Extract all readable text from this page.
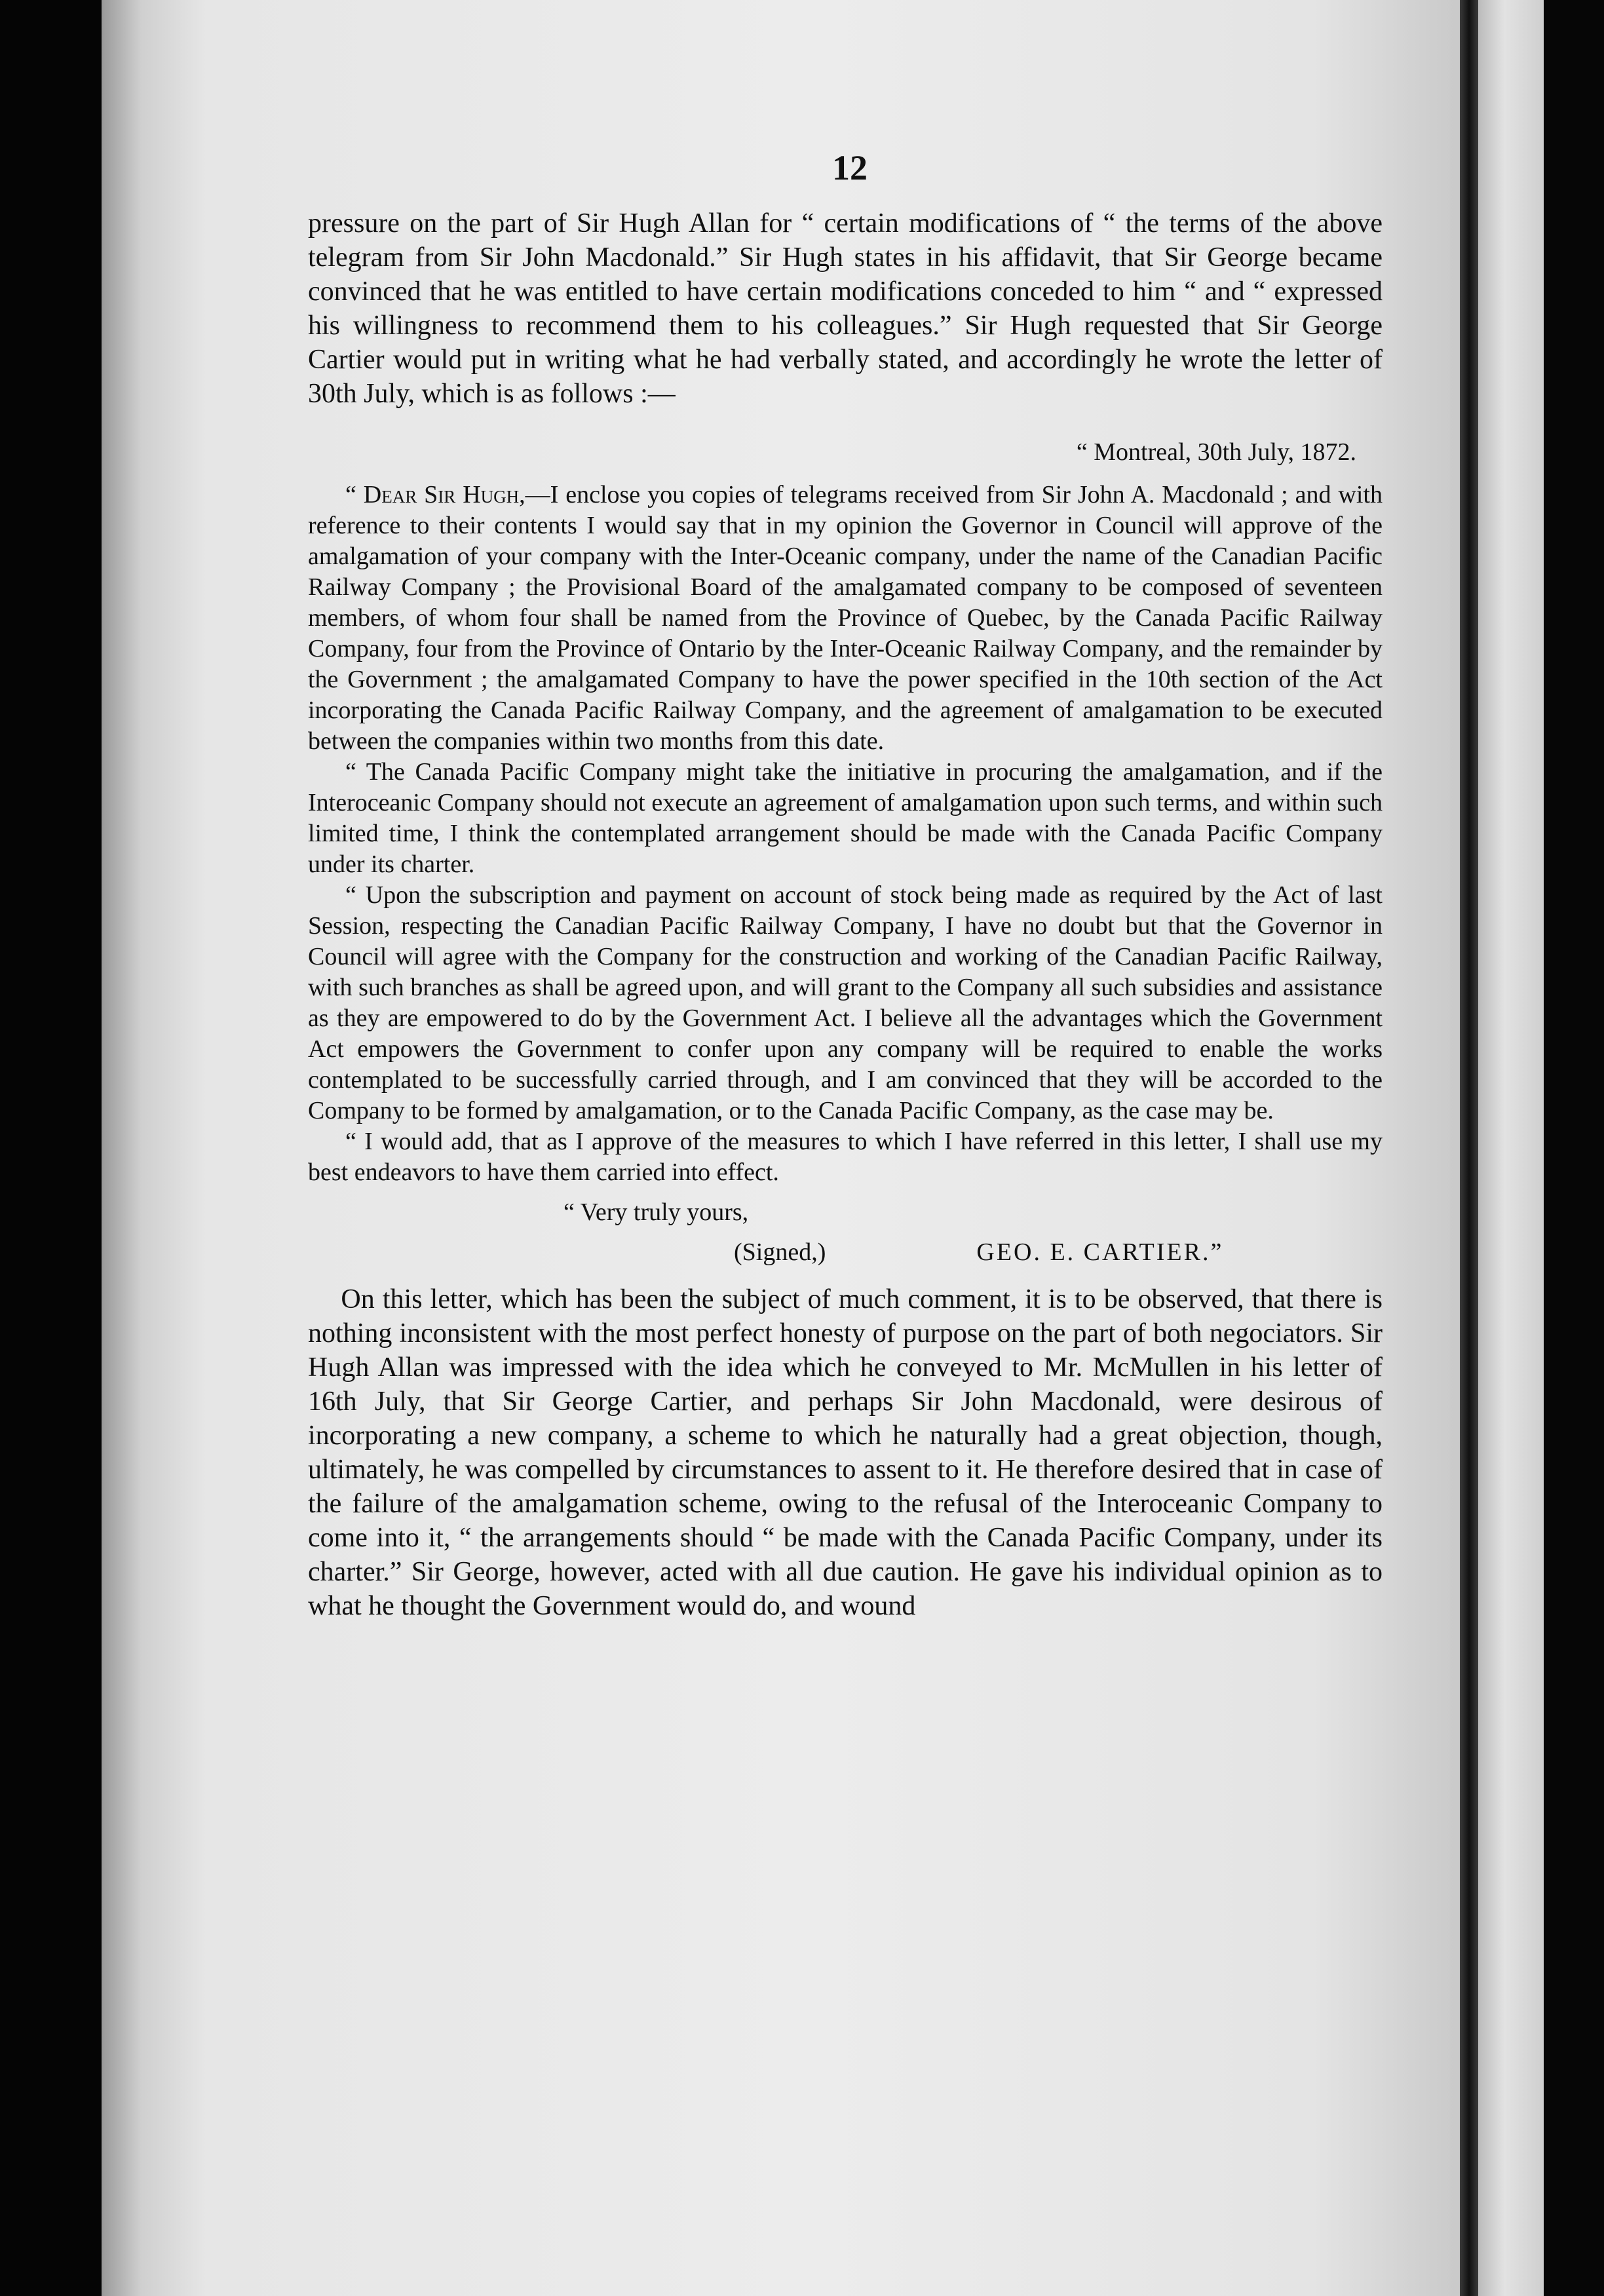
12

pressure on the part of Sir Hugh Allan for “ certain modifications of “ the terms of the above telegram from Sir John Macdonald.” Sir Hugh states in his affidavit, that Sir George became convinced that he was entitled to have certain modifications conceded to him “ and “ expressed his willingness to recommend them to his colleagues.” Sir Hugh requested that Sir George Cartier would put in writing what he had verbally stated, and accordingly he wrote the letter of 30th July, which is as follows :—

“ Montreal, 30th July, 1872.

“ Dear Sir Hugh,—I enclose you copies of telegrams received from Sir John A. Macdonald ; and with reference to their contents I would say that in my opinion the Governor in Council will approve of the amalgamation of your company with the Inter-Oceanic company, under the name of the Canadian Pacific Railway Company ; the Provisional Board of the amalgamated company to be composed of seventeen members, of whom four shall be named from the Province of Quebec, by the Canada Pacific Railway Company, four from the Province of Ontario by the Inter-Oceanic Railway Company, and the remainder by the Government ; the amalgamated Company to have the power specified in the 10th section of the Act incorporating the Canada Pacific Railway Company, and the agreement of amalgamation to be executed between the companies within two months from this date.

“ The Canada Pacific Company might take the initiative in procuring the amalgamation, and if the Interoceanic Company should not execute an agreement of amalgamation upon such terms, and within such limited time, I think the contemplated arrangement should be made with the Canada Pacific Company under its charter.

“ Upon the subscription and payment on account of stock being made as required by the Act of last Session, respecting the Canadian Pacific Railway Company, I have no doubt but that the Governor in Council will agree with the Company for the construction and working of the Canadian Pacific Railway, with such branches as shall be agreed upon, and will grant to the Company all such subsidies and assistance as they are empowered to do by the Government Act. I believe all the advantages which the Government Act empowers the Government to confer upon any company will be required to enable the works contemplated to be successfully carried through, and I am convinced that they will be accorded to the Company to be formed by amalgamation, or to the Canada Pacific Company, as the case may be.

“ I would add, that as I approve of the measures to which I have referred in this letter, I shall use my best endeavors to have them carried into effect.

“ Very truly yours,

(Signed,)	GEO. E. CARTIER.”

On this letter, which has been the subject of much comment, it is to be observed, that there is nothing inconsistent with the most perfect honesty of purpose on the part of both negociators. Sir Hugh Allan was impressed with the idea which he conveyed to Mr. McMullen in his letter of 16th July, that Sir George Cartier, and perhaps Sir John Macdonald, were desirous of incorporating a new company, a scheme to which he naturally had a great objection, though, ultimately, he was compelled by circumstances to assent to it. He therefore desired that in case of the failure of the amalgamation scheme, owing to the refusal of the Interoceanic Company to come into it, “ the arrangements should “ be made with the Canada Pacific Company, under its charter.” Sir George, however, acted with all due caution. He gave his individual opinion as to what he thought the Government would do, and wound
